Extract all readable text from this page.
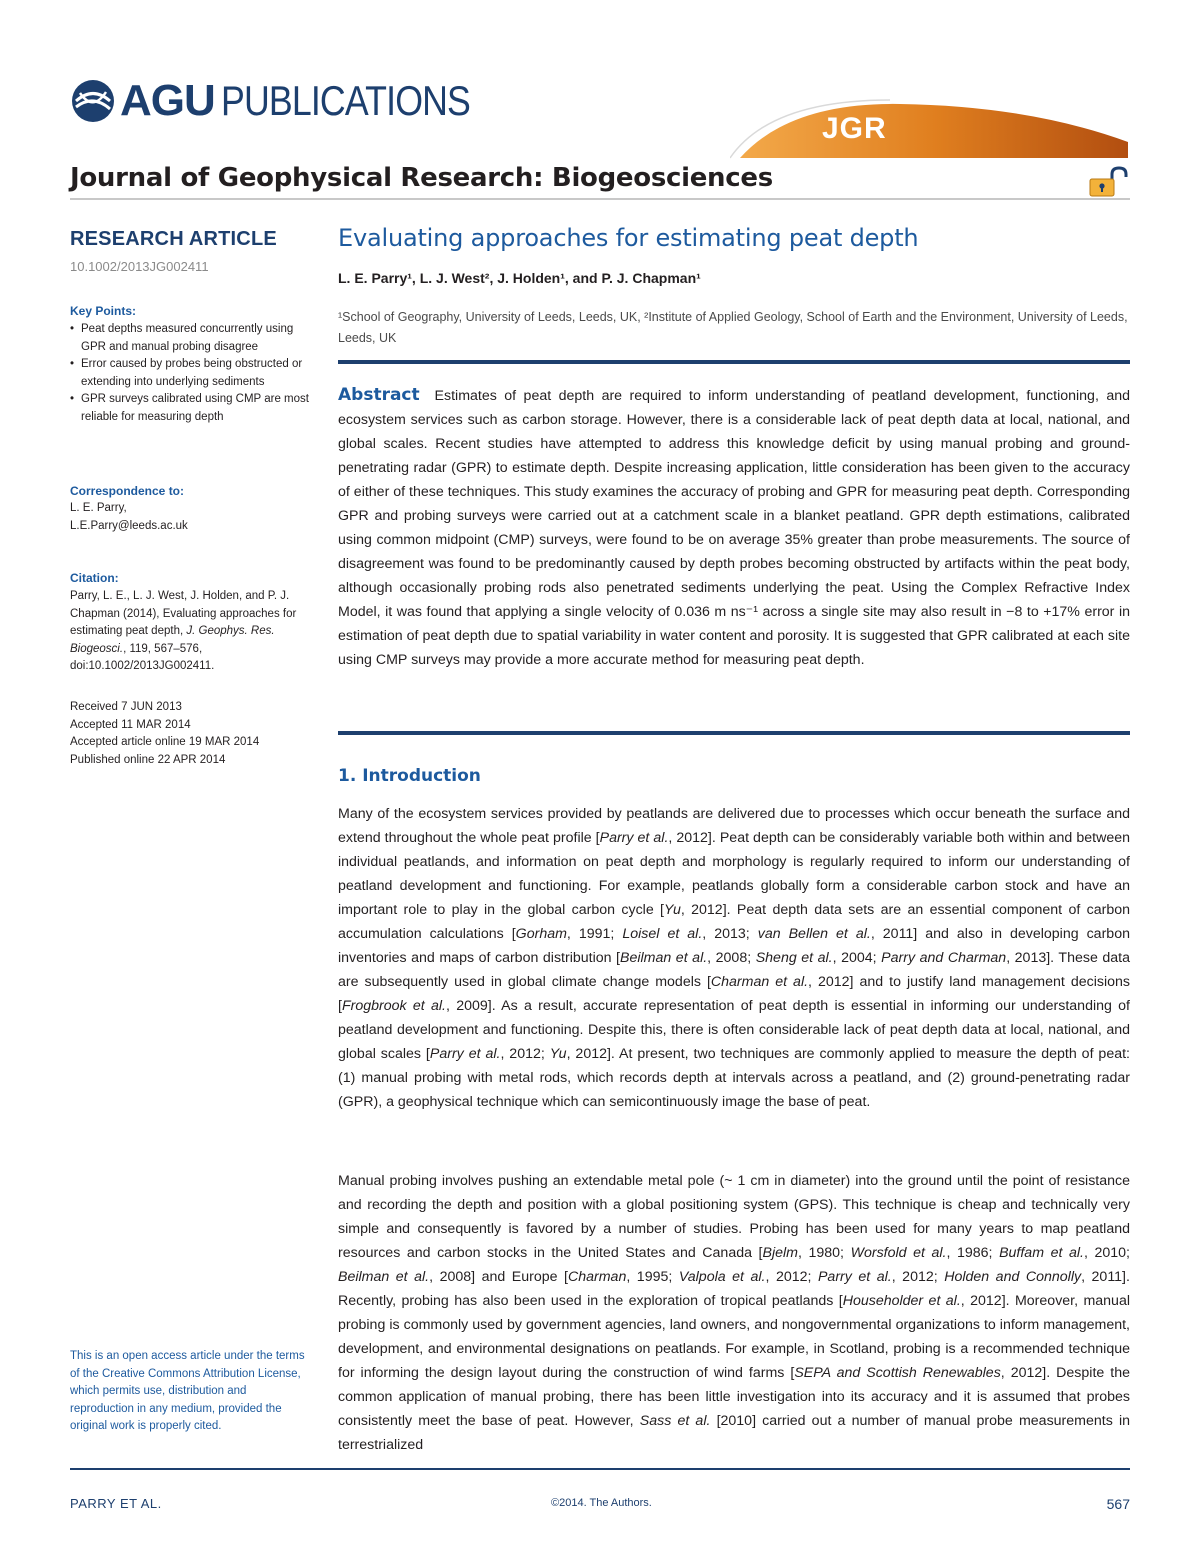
AGU PUBLICATIONS
JGR
Journal of Geophysical Research: Biogeosciences
RESEARCH ARTICLE
10.1002/2013JG002411
Key Points:
• Peat depths measured concurrently using GPR and manual probing disagree
• Error caused by probes being obstructed or extending into underlying sediments
• GPR surveys calibrated using CMP are most reliable for measuring depth
Correspondence to:
L. E. Parry,
L.E.Parry@leeds.ac.uk
Citation:
Parry, L. E., L. J. West, J. Holden, and P. J. Chapman (2014), Evaluating approaches for estimating peat depth, J. Geophys. Res. Biogeosci., 119, 567–576, doi:10.1002/2013JG002411.
Received 7 JUN 2013
Accepted 11 MAR 2014
Accepted article online 19 MAR 2014
Published online 22 APR 2014
This is an open access article under the terms of the Creative Commons Attribution License, which permits use, distribution and reproduction in any medium, provided the original work is properly cited.
Evaluating approaches for estimating peat depth
L. E. Parry¹, L. J. West², J. Holden¹, and P. J. Chapman¹
¹School of Geography, University of Leeds, Leeds, UK, ²Institute of Applied Geology, School of Earth and the Environment, University of Leeds, Leeds, UK

Abstract Estimates of peat depth are required to inform understanding of peatland development, functioning, and ecosystem services such as carbon storage. However, there is a considerable lack of peat depth data at local, national, and global scales. Recent studies have attempted to address this knowledge deficit by using manual probing and ground-penetrating radar (GPR) to estimate depth. Despite increasing application, little consideration has been given to the accuracy of either of these techniques. This study examines the accuracy of probing and GPR for measuring peat depth. Corresponding GPR and probing surveys were carried out at a catchment scale in a blanket peatland. GPR depth estimations, calibrated using common midpoint (CMP) surveys, were found to be on average 35% greater than probe measurements. The source of disagreement was found to be predominantly caused by depth probes becoming obstructed by artifacts within the peat body, although occasionally probing rods also penetrated sediments underlying the peat. Using the Complex Refractive Index Model, it was found that applying a single velocity of 0.036 m ns⁻¹ across a single site may also result in −8 to +17% error in estimation of peat depth due to spatial variability in water content and porosity. It is suggested that GPR calibrated at each site using CMP surveys may provide a more accurate method for measuring peat depth.

1. Introduction

Many of the ecosystem services provided by peatlands are delivered due to processes which occur beneath the surface and extend throughout the whole peat profile [Parry et al., 2012]. Peat depth can be considerably variable both within and between individual peatlands, and information on peat depth and morphology is regularly required to inform our understanding of peatland development and functioning. For example, peatlands globally form a considerable carbon stock and have an important role to play in the global carbon cycle [Yu, 2012]. Peat depth data sets are an essential component of carbon accumulation calculations [Gorham, 1991; Loisel et al., 2013; van Bellen et al., 2011] and also in developing carbon inventories and maps of carbon distribution [Beilman et al., 2008; Sheng et al., 2004; Parry and Charman, 2013]. These data are subsequently used in global climate change models [Charman et al., 2012] and to justify land management decisions [Frogbrook et al., 2009]. As a result, accurate representation of peat depth is essential in informing our understanding of peatland development and functioning. Despite this, there is often considerable lack of peat depth data at local, national, and global scales [Parry et al., 2012; Yu, 2012]. At present, two techniques are commonly applied to measure the depth of peat: (1) manual probing with metal rods, which records depth at intervals across a peatland, and (2) ground-penetrating radar (GPR), a geophysical technique which can semicontinuously image the base of peat.

Manual probing involves pushing an extendable metal pole (~ 1 cm in diameter) into the ground until the point of resistance and recording the depth and position with a global positioning system (GPS). This technique is cheap and technically very simple and consequently is favored by a number of studies. Probing has been used for many years to map peatland resources and carbon stocks in the United States and Canada [Bjelm, 1980; Worsfold et al., 1986; Buffam et al., 2010; Beilman et al., 2008] and Europe [Charman, 1995; Valpola et al., 2012; Parry et al., 2012; Holden and Connolly, 2011]. Recently, probing has also been used in the exploration of tropical peatlands [Householder et al., 2012]. Moreover, manual probing is commonly used by government agencies, land owners, and nongovernmental organizations to inform management, development, and environmental designations on peatlands. For example, in Scotland, probing is a recommended technique for informing the design layout during the construction of wind farms [SEPA and Scottish Renewables, 2012]. Despite the common application of manual probing, there has been little investigation into its accuracy and it is assumed that probes consistently meet the base of peat. However, Sass et al. [2010] carried out a number of manual probe measurements in terrestrialized

PARRY ET AL.	©2014. The Authors.	567
